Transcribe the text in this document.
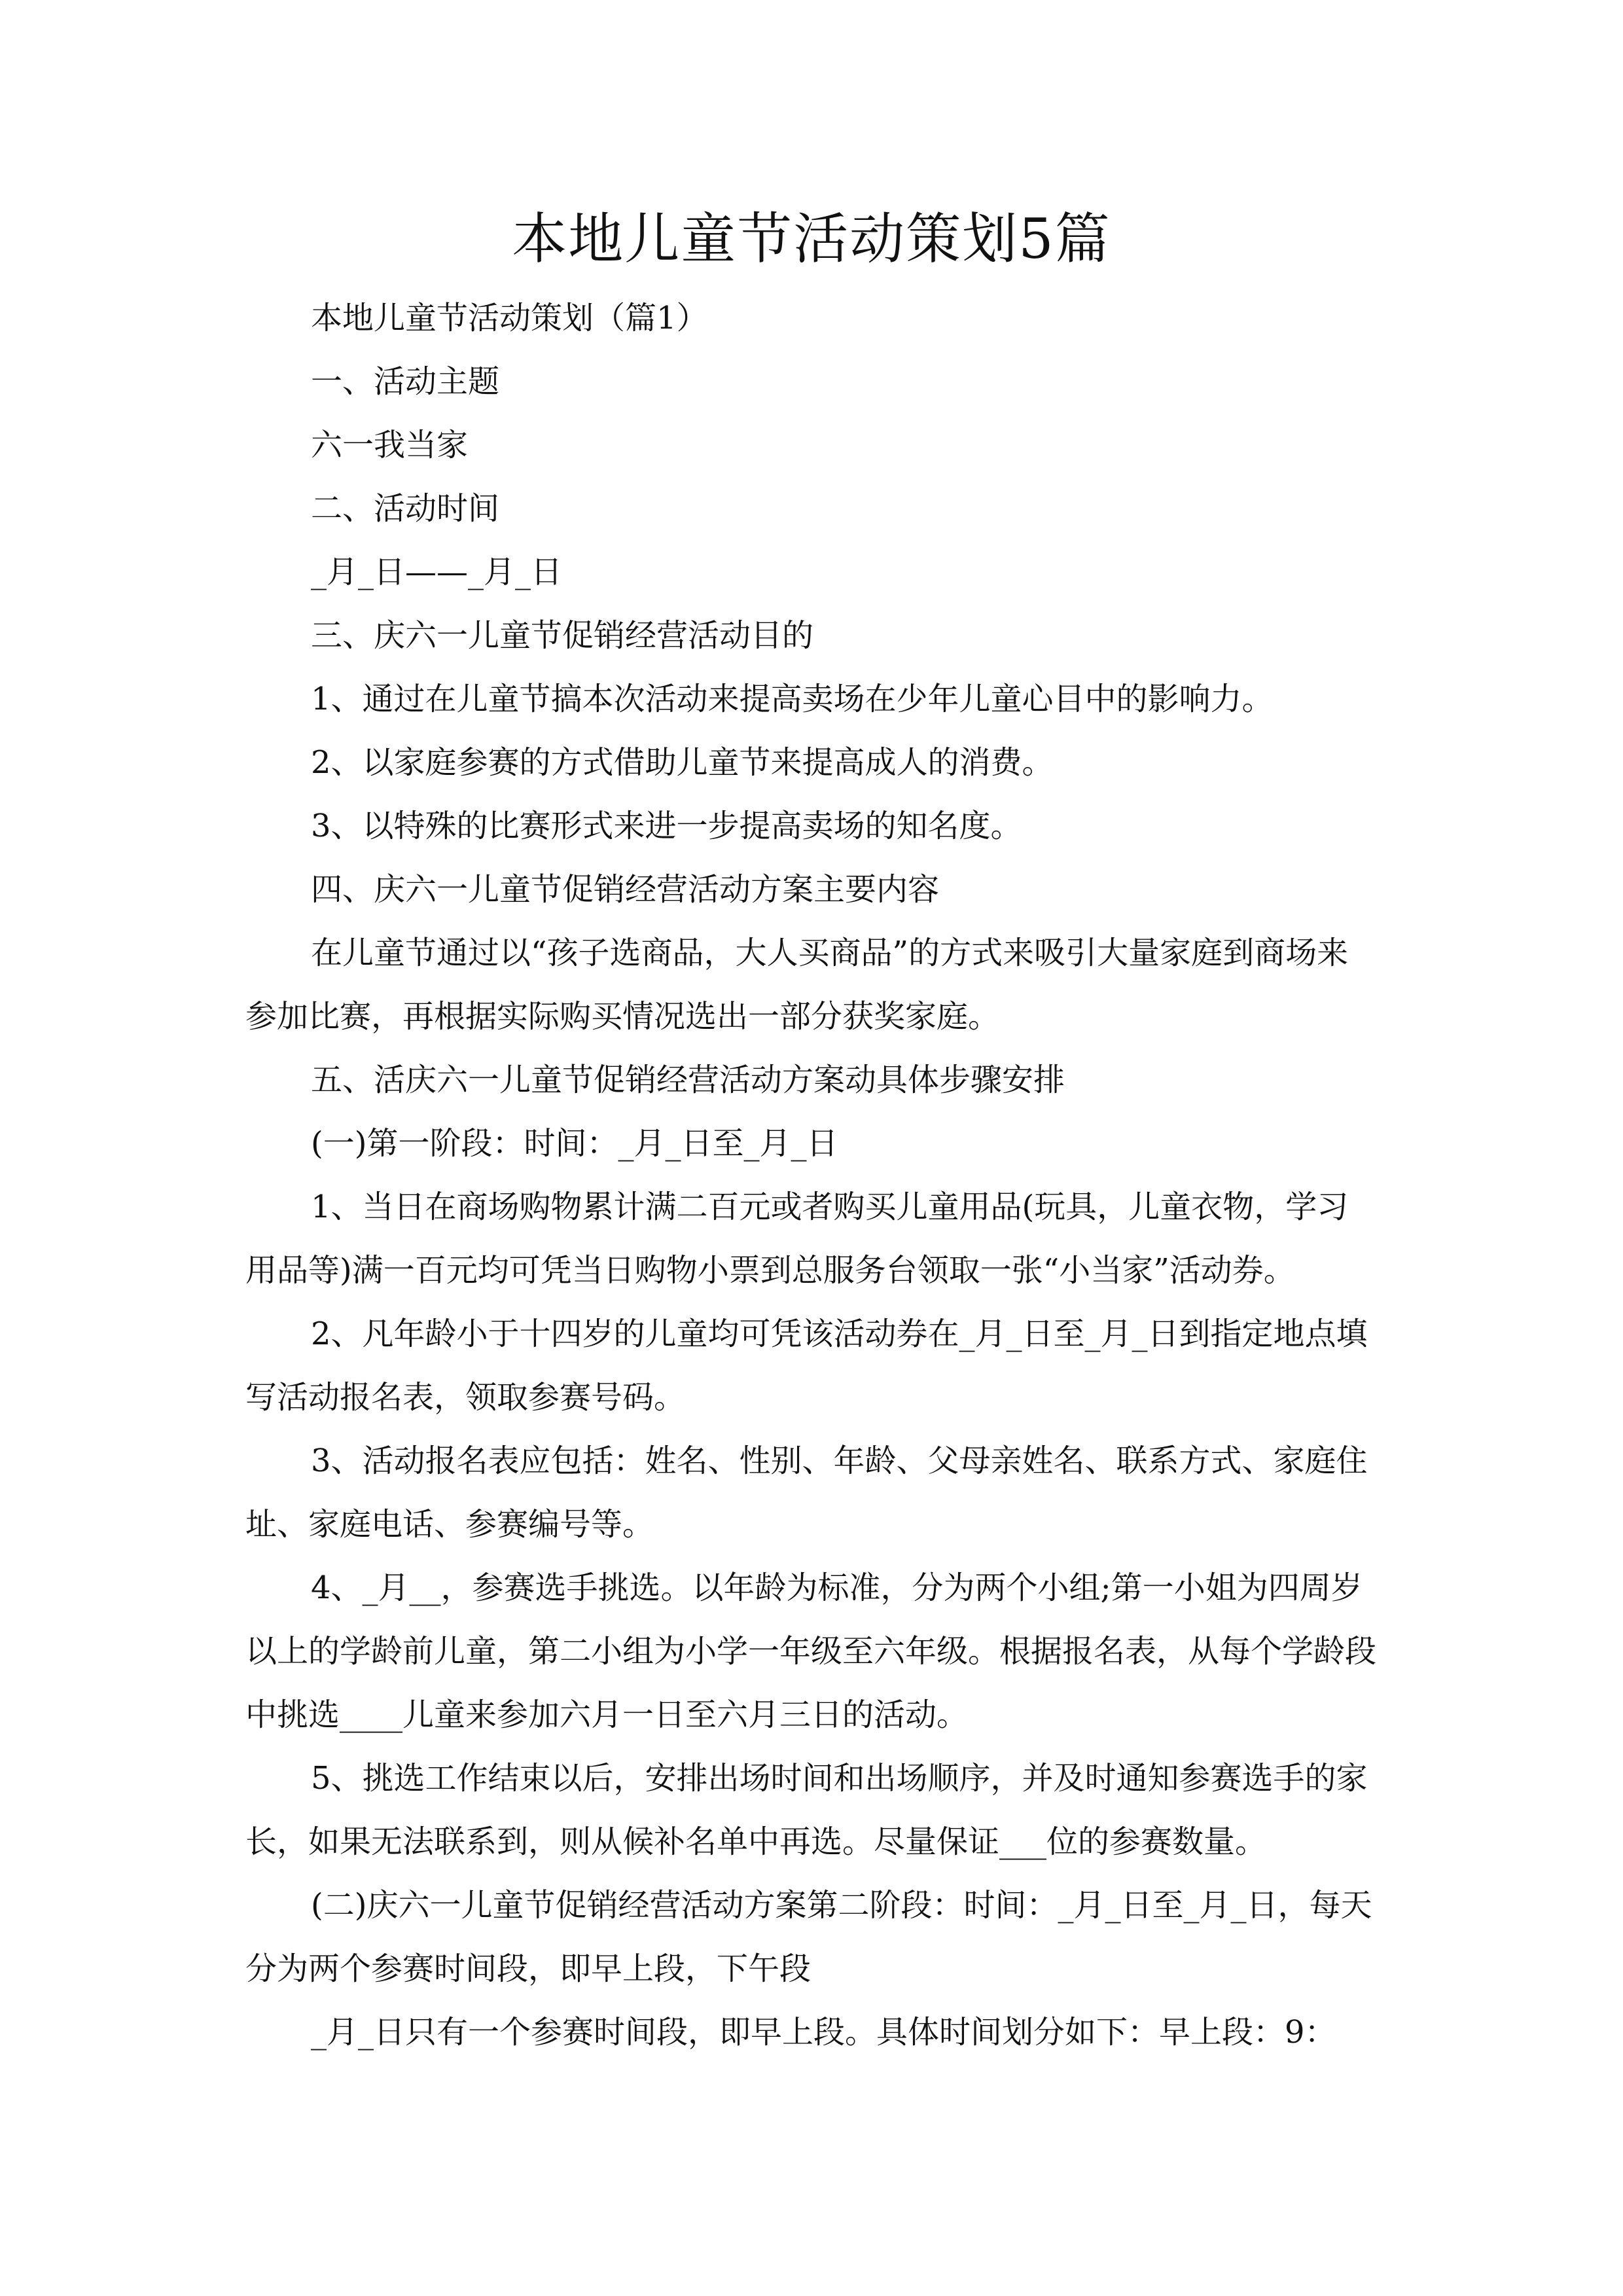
本地儿童节活动策划5篇

本地儿童节活动策划（篇1）

一、活动主题

六一我当家

二、活动时间

_月_日——_月_日

三、庆六一儿童节促销经营活动目的

1、通过在儿童节搞本次活动来提高卖场在少年儿童心目中的影响力。

2、以家庭参赛的方式借助儿童节来提高成人的消费。

3、以特殊的比赛形式来进一步提高卖场的知名度。

四、庆六一儿童节促销经营活动方案主要内容

在儿童节通过以“孩子选商品，大人买商品”的方式来吸引大量家庭到商场来参加比赛，再根据实际购买情况选出一部分获奖家庭。

五、活庆六一儿童节促销经营活动方案动具体步骤安排

(一)第一阶段：时间：_月_日至_月_日

1、当日在商场购物累计满二百元或者购买儿童用品(玩具，儿童衣物，学习用品等)满一百元均可凭当日购物小票到总服务台领取一张“小当家”活动券。

2、凡年龄小于十四岁的儿童均可凭该活动券在_月_日至_月_日到指定地点填写活动报名表，领取参赛号码。

3、活动报名表应包括：姓名、性别、年龄、父母亲姓名、联系方式、家庭住址、家庭电话、参赛编号等。

4、_月__，参赛选手挑选。以年龄为标准，分为两个小组;第一小姐为四周岁以上的学龄前儿童，第二小组为小学一年级至六年级。根据报名表，从每个学龄段中挑选____儿童来参加六月一日至六月三日的活动。

5、挑选工作结束以后，安排出场时间和出场顺序，并及时通知参赛选手的家长，如果无法联系到，则从候补名单中再选。尽量保证___位的参赛数量。

(二)庆六一儿童节促销经营活动方案第二阶段：时间：_月_日至_月_日，每天分为两个参赛时间段，即早上段，下午段

_月_日只有一个参赛时间段，即早上段。具体时间划分如下：早上段：9：
